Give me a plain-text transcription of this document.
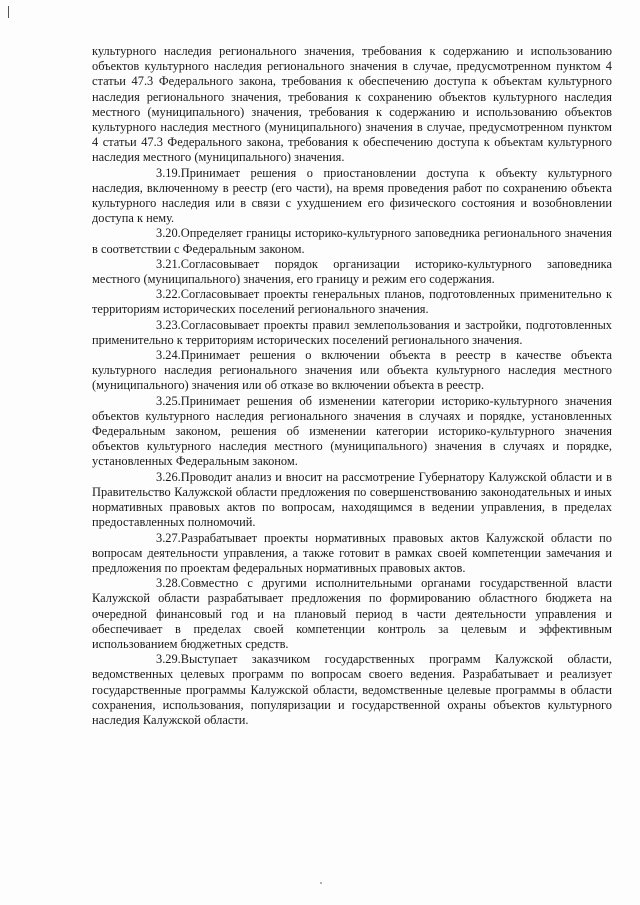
культурного наследия регионального значения, требования к содержанию и использованию объектов культурного наследия регионального значения в случае, предусмотренном пунктом 4 статьи 47.3 Федерального закона, требования к обеспечению доступа к объектам культурного наследия регионального значения, требования к сохранению объектов культурного наследия местного (муниципального) значения, требования к содержанию и использованию объектов культурного наследия местного (муниципального) значения в случае, предусмотренном пунктом 4 статьи 47.3 Федерального закона, требования к обеспечению доступа к объектам культурного наследия местного (муниципального) значения.

3.19.Принимает решения о приостановлении доступа к объекту культурного наследия, включенному в реестр (его части), на время проведения работ по сохранению объекта культурного наследия или в связи с ухудшением его физического состояния и возобновлении доступа к нему.

3.20.Определяет границы историко-культурного заповедника регионального значения в соответствии с Федеральным законом.

3.21.Согласовывает порядок организации историко-культурного заповедника местного (муниципального) значения, его границу и режим его содержания.

3.22.Согласовывает проекты генеральных планов, подготовленных применительно к территориям исторических поселений регионального значения.

3.23.Согласовывает проекты правил землепользования и застройки, подготовленных применительно к территориям исторических поселений регионального значения.

3.24.Принимает решения о включении объекта в реестр в качестве объекта культурного наследия регионального значения или объекта культурного наследия местного (муниципального) значения или об отказе во включении объекта в реестр.

3.25.Принимает решения об изменении категории историко-культурного значения объектов культурного наследия регионального значения в случаях и порядке, установленных Федеральным законом, решения об изменении категории историко-культурного значения объектов культурного наследия местного (муниципального) значения в случаях и порядке, установленных Федеральным законом.

3.26.Проводит анализ и вносит на рассмотрение Губернатору Калужской области и в Правительство Калужской области предложения по совершенствованию законодательных и иных нормативных правовых актов по вопросам, находящимся в ведении управления, в пределах предоставленных полномочий.

3.27.Разрабатывает проекты нормативных правовых актов Калужской области по вопросам деятельности управления, а также готовит в рамках своей компетенции замечания и предложения по проектам федеральных нормативных правовых актов.

3.28.Совместно с другими исполнительными органами государственной власти Калужской области разрабатывает предложения по формированию областного бюджета на очередной финансовый год и на плановый период в части деятельности управления и обеспечивает в пределах своей компетенции контроль за целевым и эффективным использованием бюджетных средств.

3.29.Выступает заказчиком государственных программ Калужской области, ведомственных целевых программ по вопросам своего ведения. Разрабатывает и реализует государственные программы Калужской области, ведомственные целевые программы в области сохранения, использования, популяризации и государственной охраны объектов культурного наследия Калужской области.
